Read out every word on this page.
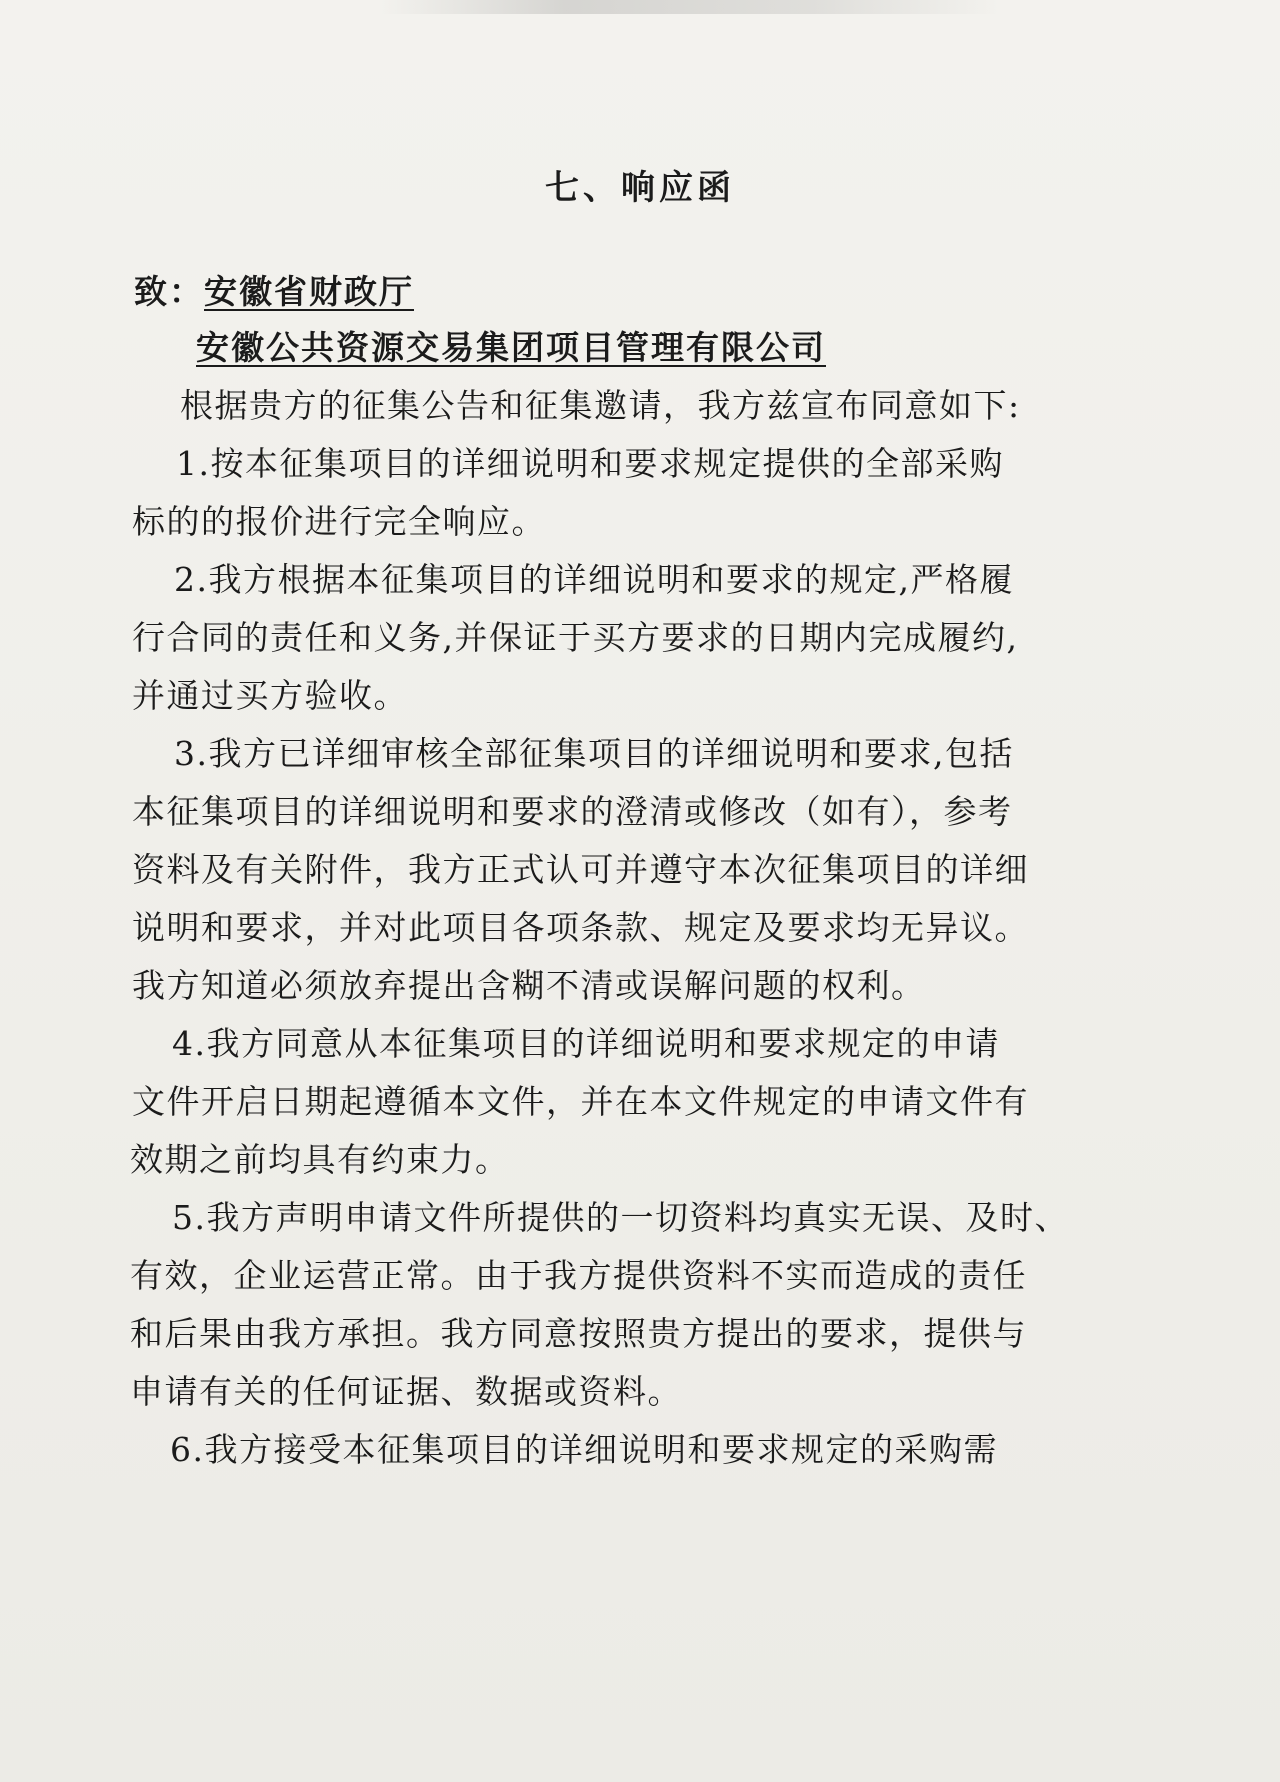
七、响应函
致：安徽省财政厅
安徽公共资源交易集团项目管理有限公司
根据贵方的征集公告和征集邀请，我方兹宣布同意如下:
1.按本征集项目的详细说明和要求规定提供的全部采购
标的的报价进行完全响应。
2.我方根据本征集项目的详细说明和要求的规定,严格履
行合同的责任和义务,并保证于买方要求的日期内完成履约,
并通过买方验收。
3.我方已详细审核全部征集项目的详细说明和要求,包括
本征集项目的详细说明和要求的澄清或修改（如有），参考
资料及有关附件，我方正式认可并遵守本次征集项目的详细
说明和要求，并对此项目各项条款、规定及要求均无异议。
我方知道必须放弃提出含糊不清或误解问题的权利。
4.我方同意从本征集项目的详细说明和要求规定的申请
文件开启日期起遵循本文件，并在本文件规定的申请文件有
效期之前均具有约束力。
5.我方声明申请文件所提供的一切资料均真实无误、及时、
有效，企业运营正常。由于我方提供资料不实而造成的责任
和后果由我方承担。我方同意按照贵方提出的要求，提供与
申请有关的任何证据、数据或资料。
6.我方接受本征集项目的详细说明和要求规定的采购需
